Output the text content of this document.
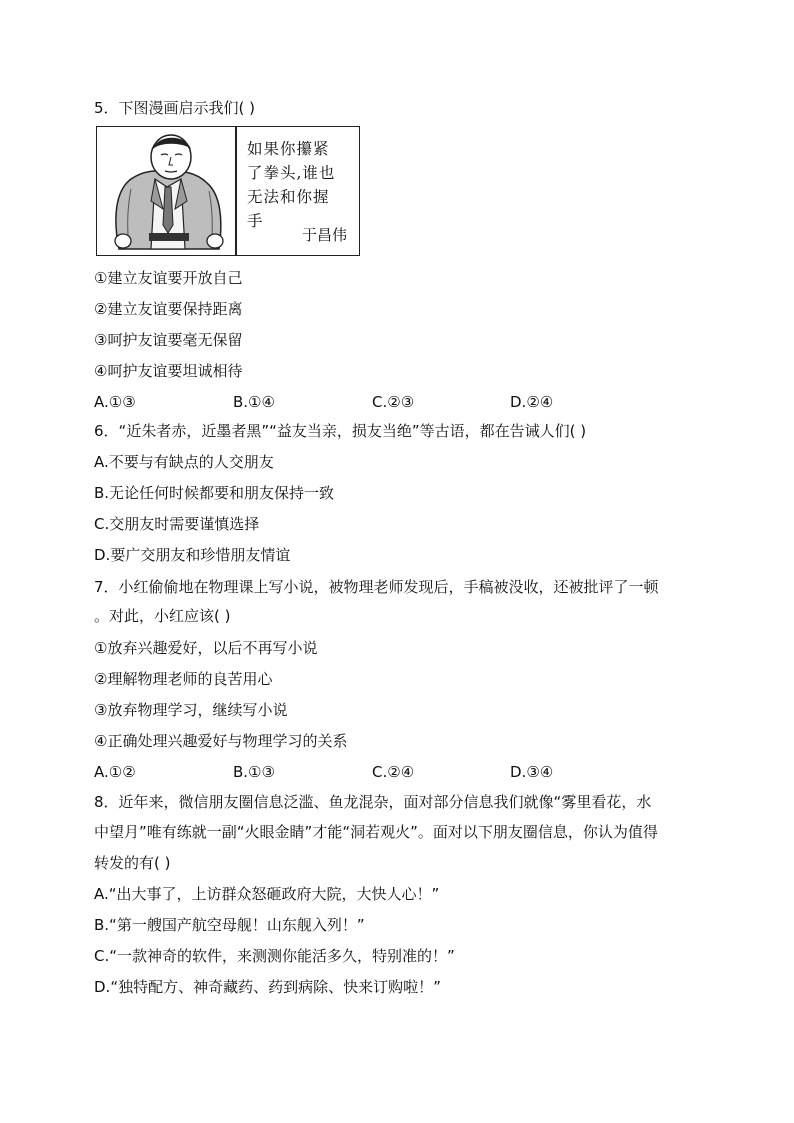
5．下图漫画启示我们( )
如果你攥紧
了拳头,谁也
无法和你握
手
于昌伟
①建立友谊要开放自己
②建立友谊要保持距离
③呵护友谊要毫无保留
④呵护友谊要坦诚相待
A.①③	B.①④	C.②③	D.②④
6．“近朱者赤，近墨者黑”“益友当亲，损友当绝”等古语，都在告诫人们( )
A.不要与有缺点的人交朋友
B.无论任何时候都要和朋友保持一致
C.交朋友时需要谨慎选择
D.要广交朋友和珍惜朋友情谊
7．小红偷偷地在物理课上写小说，被物理老师发现后，手稿被没收，还被批评了一顿
。对此，小红应该( )
①放弃兴趣爱好，以后不再写小说
②理解物理老师的良苦用心
③放弃物理学习，继续写小说
④正确处理兴趣爱好与物理学习的关系
A.①②	B.①③	C.②④	D.③④
8．近年来，微信朋友圈信息泛滥、鱼龙混杂，面对部分信息我们就像“雾里看花，水
中望月”唯有练就一副“火眼金睛”才能“洞若观火”。面对以下朋友圈信息，你认为值得
转发的有( )
A.“出大事了，上访群众怒砸政府大院，大快人心！”
B.“第一艘国产航空母舰！山东舰入列！”
C.“一款神奇的软件，来测测你能活多久，特别准的！”
D.“独特配方、神奇藏药、药到病除、快来订购啦！”
